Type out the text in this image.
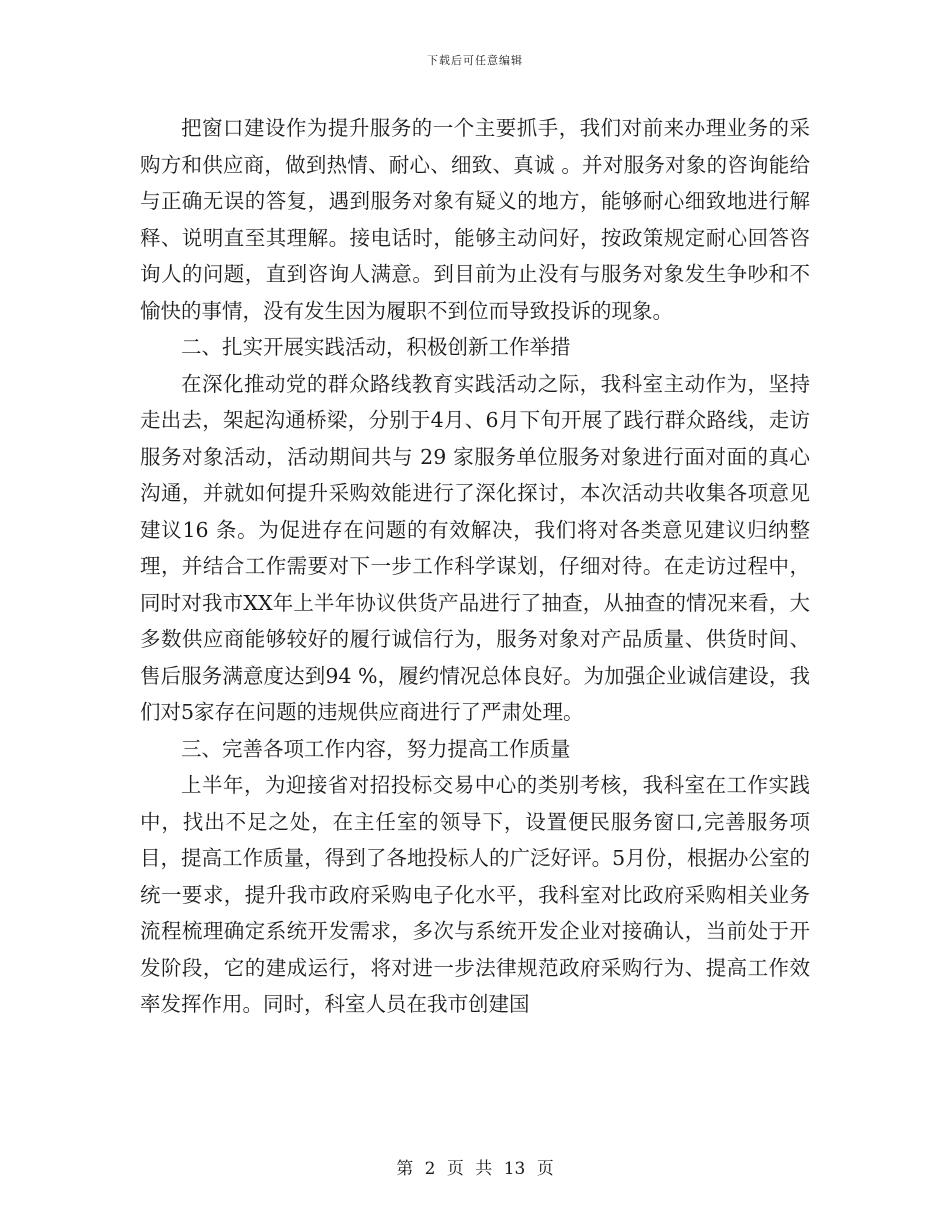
下载后可任意编辑

把窗口建设作为提升服务的一个主要抓手，我们对前来办理业务的采购方和供应商，做到热情、耐心、细致、真诚 。并对服务对象的咨询能给与正确无误的答复，遇到服务对象有疑义的地方，能够耐心细致地进行解释、说明直至其理解。接电话时，能够主动问好，按政策规定耐心回答咨询人的问题，直到咨询人满意。到目前为止没有与服务对象发生争吵和不愉快的事情，没有发生因为履职不到位而导致投诉的现象。

二、扎实开展实践活动，积极创新工作举措

在深化推动党的群众路线教育实践活动之际，我科室主动作为，坚持走出去，架起沟通桥梁，分别于4月、6月下旬开展了践行群众路线，走访服务对象活动，活动期间共与 29 家服务单位服务对象进行面对面的真心沟通，并就如何提升采购效能进行了深化探讨，本次活动共收集各项意见建议16 条。为促进存在问题的有效解决，我们将对各类意见建议归纳整理，并结合工作需要对下一步工作科学谋划，仔细对待。在走访过程中，同时对我市XX年上半年协议供货产品进行了抽查，从抽查的情况来看，大多数供应商能够较好的履行诚信行为，服务对象对产品质量、供货时间、售后服务满意度达到94 %，履约情况总体良好。为加强企业诚信建设，我们对5家存在问题的违规供应商进行了严肃处理。

三、完善各项工作内容，努力提高工作质量

上半年，为迎接省对招投标交易中心的类别考核，我科室在工作实践中，找出不足之处，在主任室的领导下，设置便民服务窗口,完善服务项目，提高工作质量，得到了各地投标人的广泛好评。5月份，根据办公室的统一要求，提升我市政府采购电子化水平，我科室对比政府采购相关业务流程梳理确定系统开发需求，多次与系统开发企业对接确认，当前处于开发阶段，它的建成运行，将对进一步法律规范政府采购行为、提高工作效率发挥作用。同时，科室人员在我市创建国

第 2 页 共 13 页
